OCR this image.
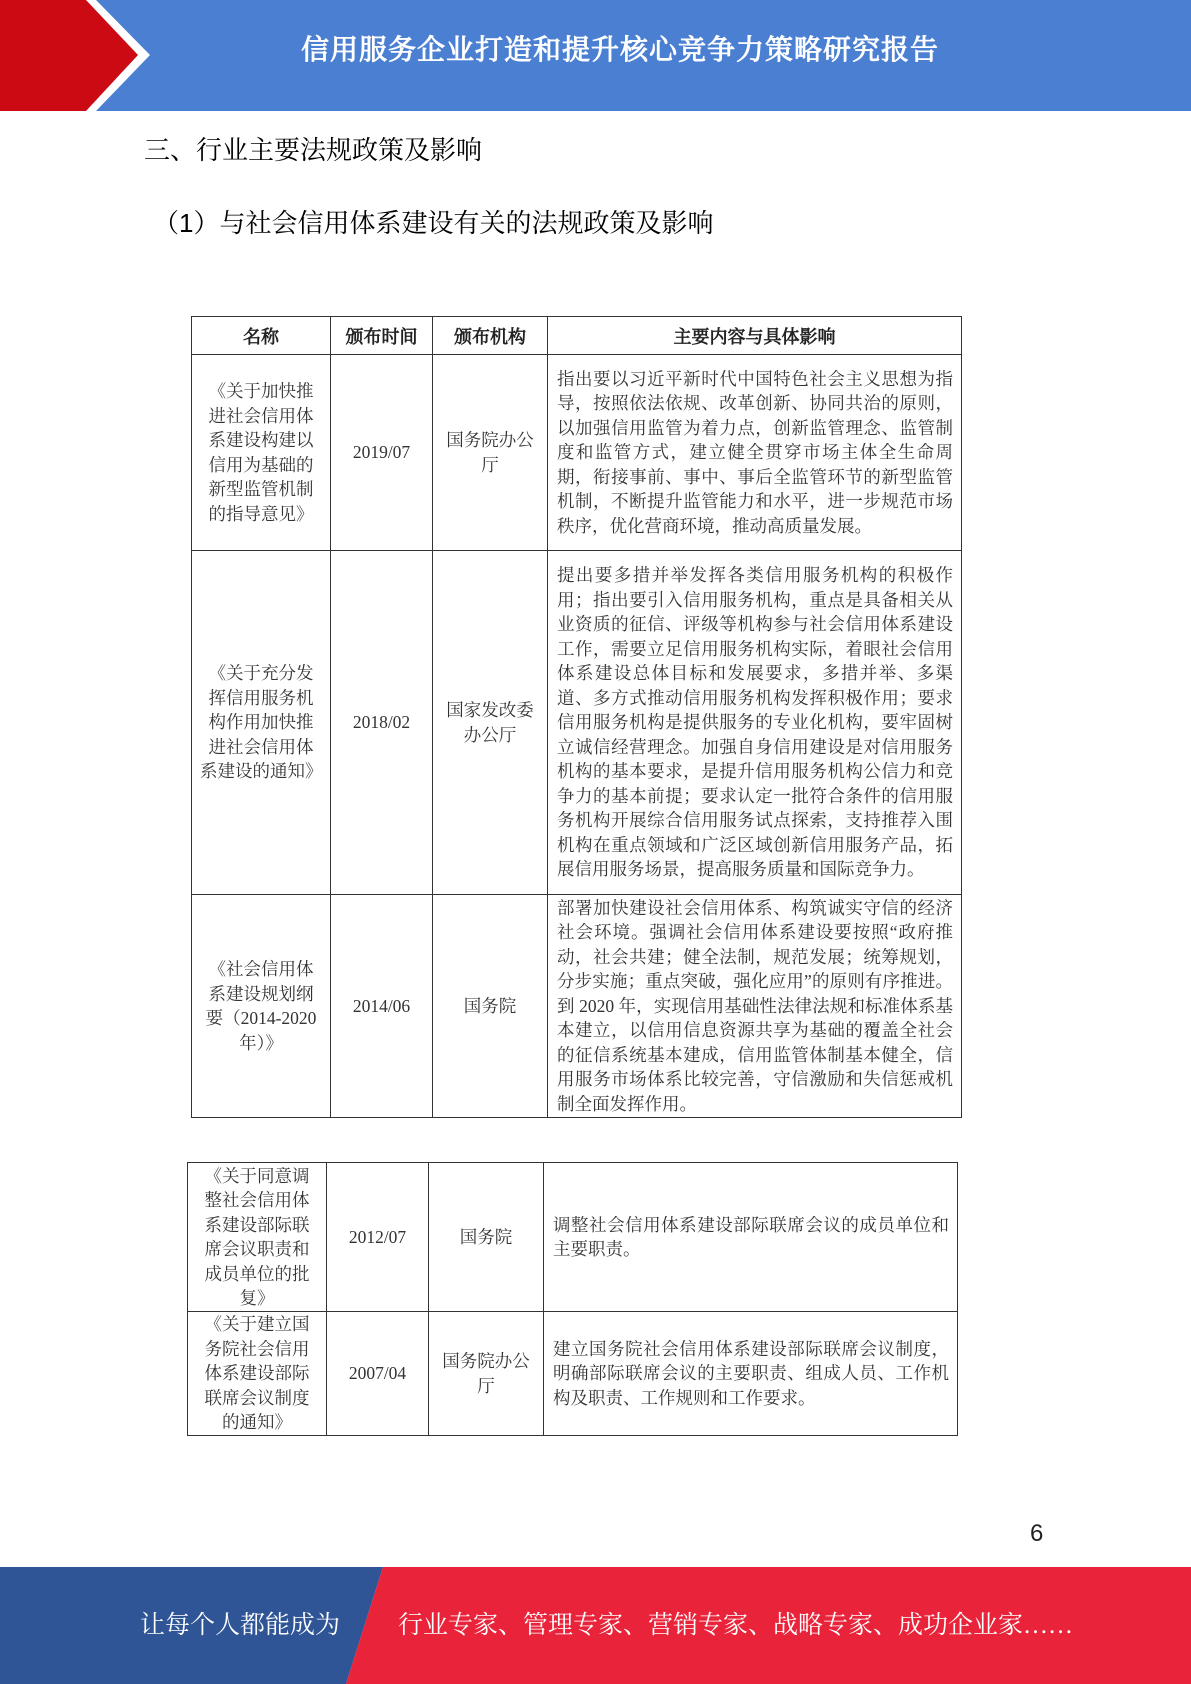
信用服务企业打造和提升核心竞争力策略研究报告
三、行业主要法规政策及影响
（1）与社会信用体系建设有关的法规政策及影响
名称	颁布时间	颁布机构	主要内容与具体影响
《关于加快推进社会信用体系建设构建以信用为基础的新型监管机制的指导意见》	2019/07	国务院办公厅	指出要以习近平新时代中国特色社会主义思想为指导，按照依法依规、改革创新、协同共治的原则，以加强信用监管为着力点，创新监管理念、监管制度和监管方式，建立健全贯穿市场主体全生命周期，衔接事前、事中、事后全监管环节的新型监管机制，不断提升监管能力和水平，进一步规范市场秩序，优化营商环境，推动高质量发展。
《关于充分发挥信用服务机构作用加快推进社会信用体系建设的通知》	2018/02	国家发改委办公厅	提出要多措并举发挥各类信用服务机构的积极作用；指出要引入信用服务机构，重点是具备相关从业资质的征信、评级等机构参与社会信用体系建设工作，需要立足信用服务机构实际，着眼社会信用体系建设总体目标和发展要求，多措并举、多渠道、多方式推动信用服务机构发挥积极作用；要求信用服务机构是提供服务的专业化机构，要牢固树立诚信经营理念。加强自身信用建设是对信用服务机构的基本要求，是提升信用服务机构公信力和竞争力的基本前提；要求认定一批符合条件的信用服务机构开展综合信用服务试点探索，支持推荐入围机构在重点领域和广泛区域创新信用服务产品，拓展信用服务场景，提高服务质量和国际竞争力。
《社会信用体系建设规划纲要（2014-2020年）》	2014/06	国务院	部署加快建设社会信用体系、构筑诚实守信的经济社会环境。强调社会信用体系建设要按照“政府推动，社会共建；健全法制，规范发展；统筹规划，分步实施；重点突破，强化应用”的原则有序推进。到 2020 年，实现信用基础性法律法规和标准体系基本建立，以信用信息资源共享为基础的覆盖全社会的征信系统基本建成，信用监管体制基本健全，信用服务市场体系比较完善，守信激励和失信惩戒机制全面发挥作用。
《关于同意调整社会信用体系建设部际联席会议职责和成员单位的批复》	2012/07	国务院	调整社会信用体系建设部际联席会议的成员单位和主要职责。
《关于建立国务院社会信用体系建设部际联席会议制度的通知》	2007/04	国务院办公厅	建立国务院社会信用体系建设部际联席会议制度，明确部际联席会议的主要职责、组成人员、工作机构及职责、工作规则和工作要求。
6
让每个人都能成为 行业专家、管理专家、营销专家、战略专家、成功企业家……
